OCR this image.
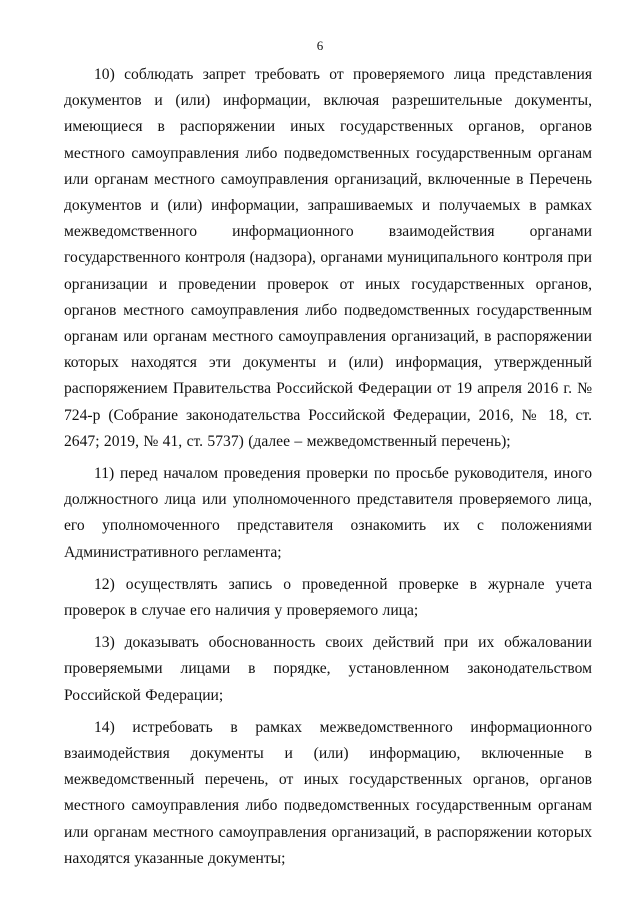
6

10) соблюдать запрет требовать от проверяемого лица представления документов и (или) информации, включая разрешительные документы, имеющиеся в распоряжении иных государственных органов, органов местного самоуправления либо подведомственных государственным органам или органам местного самоуправления организаций, включенные в Перечень документов и (или) информации, запрашиваемых и получаемых в рамках межведомственного информационного взаимодействия органами государственного контроля (надзора), органами муниципального контроля при организации и проведении проверок от иных государственных органов, органов местного самоуправления либо подведомственных государственным органам или органам местного самоуправления организаций, в распоряжении которых находятся эти документы и (или) информация, утвержденный распоряжением Правительства Российской Федерации от 19 апреля 2016 г. № 724-р (Собрание законодательства Российской Федерации, 2016, № 18, ст. 2647; 2019, № 41, ст. 5737) (далее – межведомственный перечень);

11) перед началом проведения проверки по просьбе руководителя, иного должностного лица или уполномоченного представителя проверяемого лица, его уполномоченного представителя ознакомить их с положениями Административного регламента;

12) осуществлять запись о проведенной проверке в журнале учета проверок в случае его наличия у проверяемого лица;

13) доказывать обоснованность своих действий при их обжаловании проверяемыми лицами в порядке, установленном законодательством Российской Федерации;

14) истребовать в рамках межведомственного информационного взаимодействия документы и (или) информацию, включенные в межведомственный перечень, от иных государственных органов, органов местного самоуправления либо подведомственных государственным органам или органам местного самоуправления организаций, в распоряжении которых находятся указанные документы;
